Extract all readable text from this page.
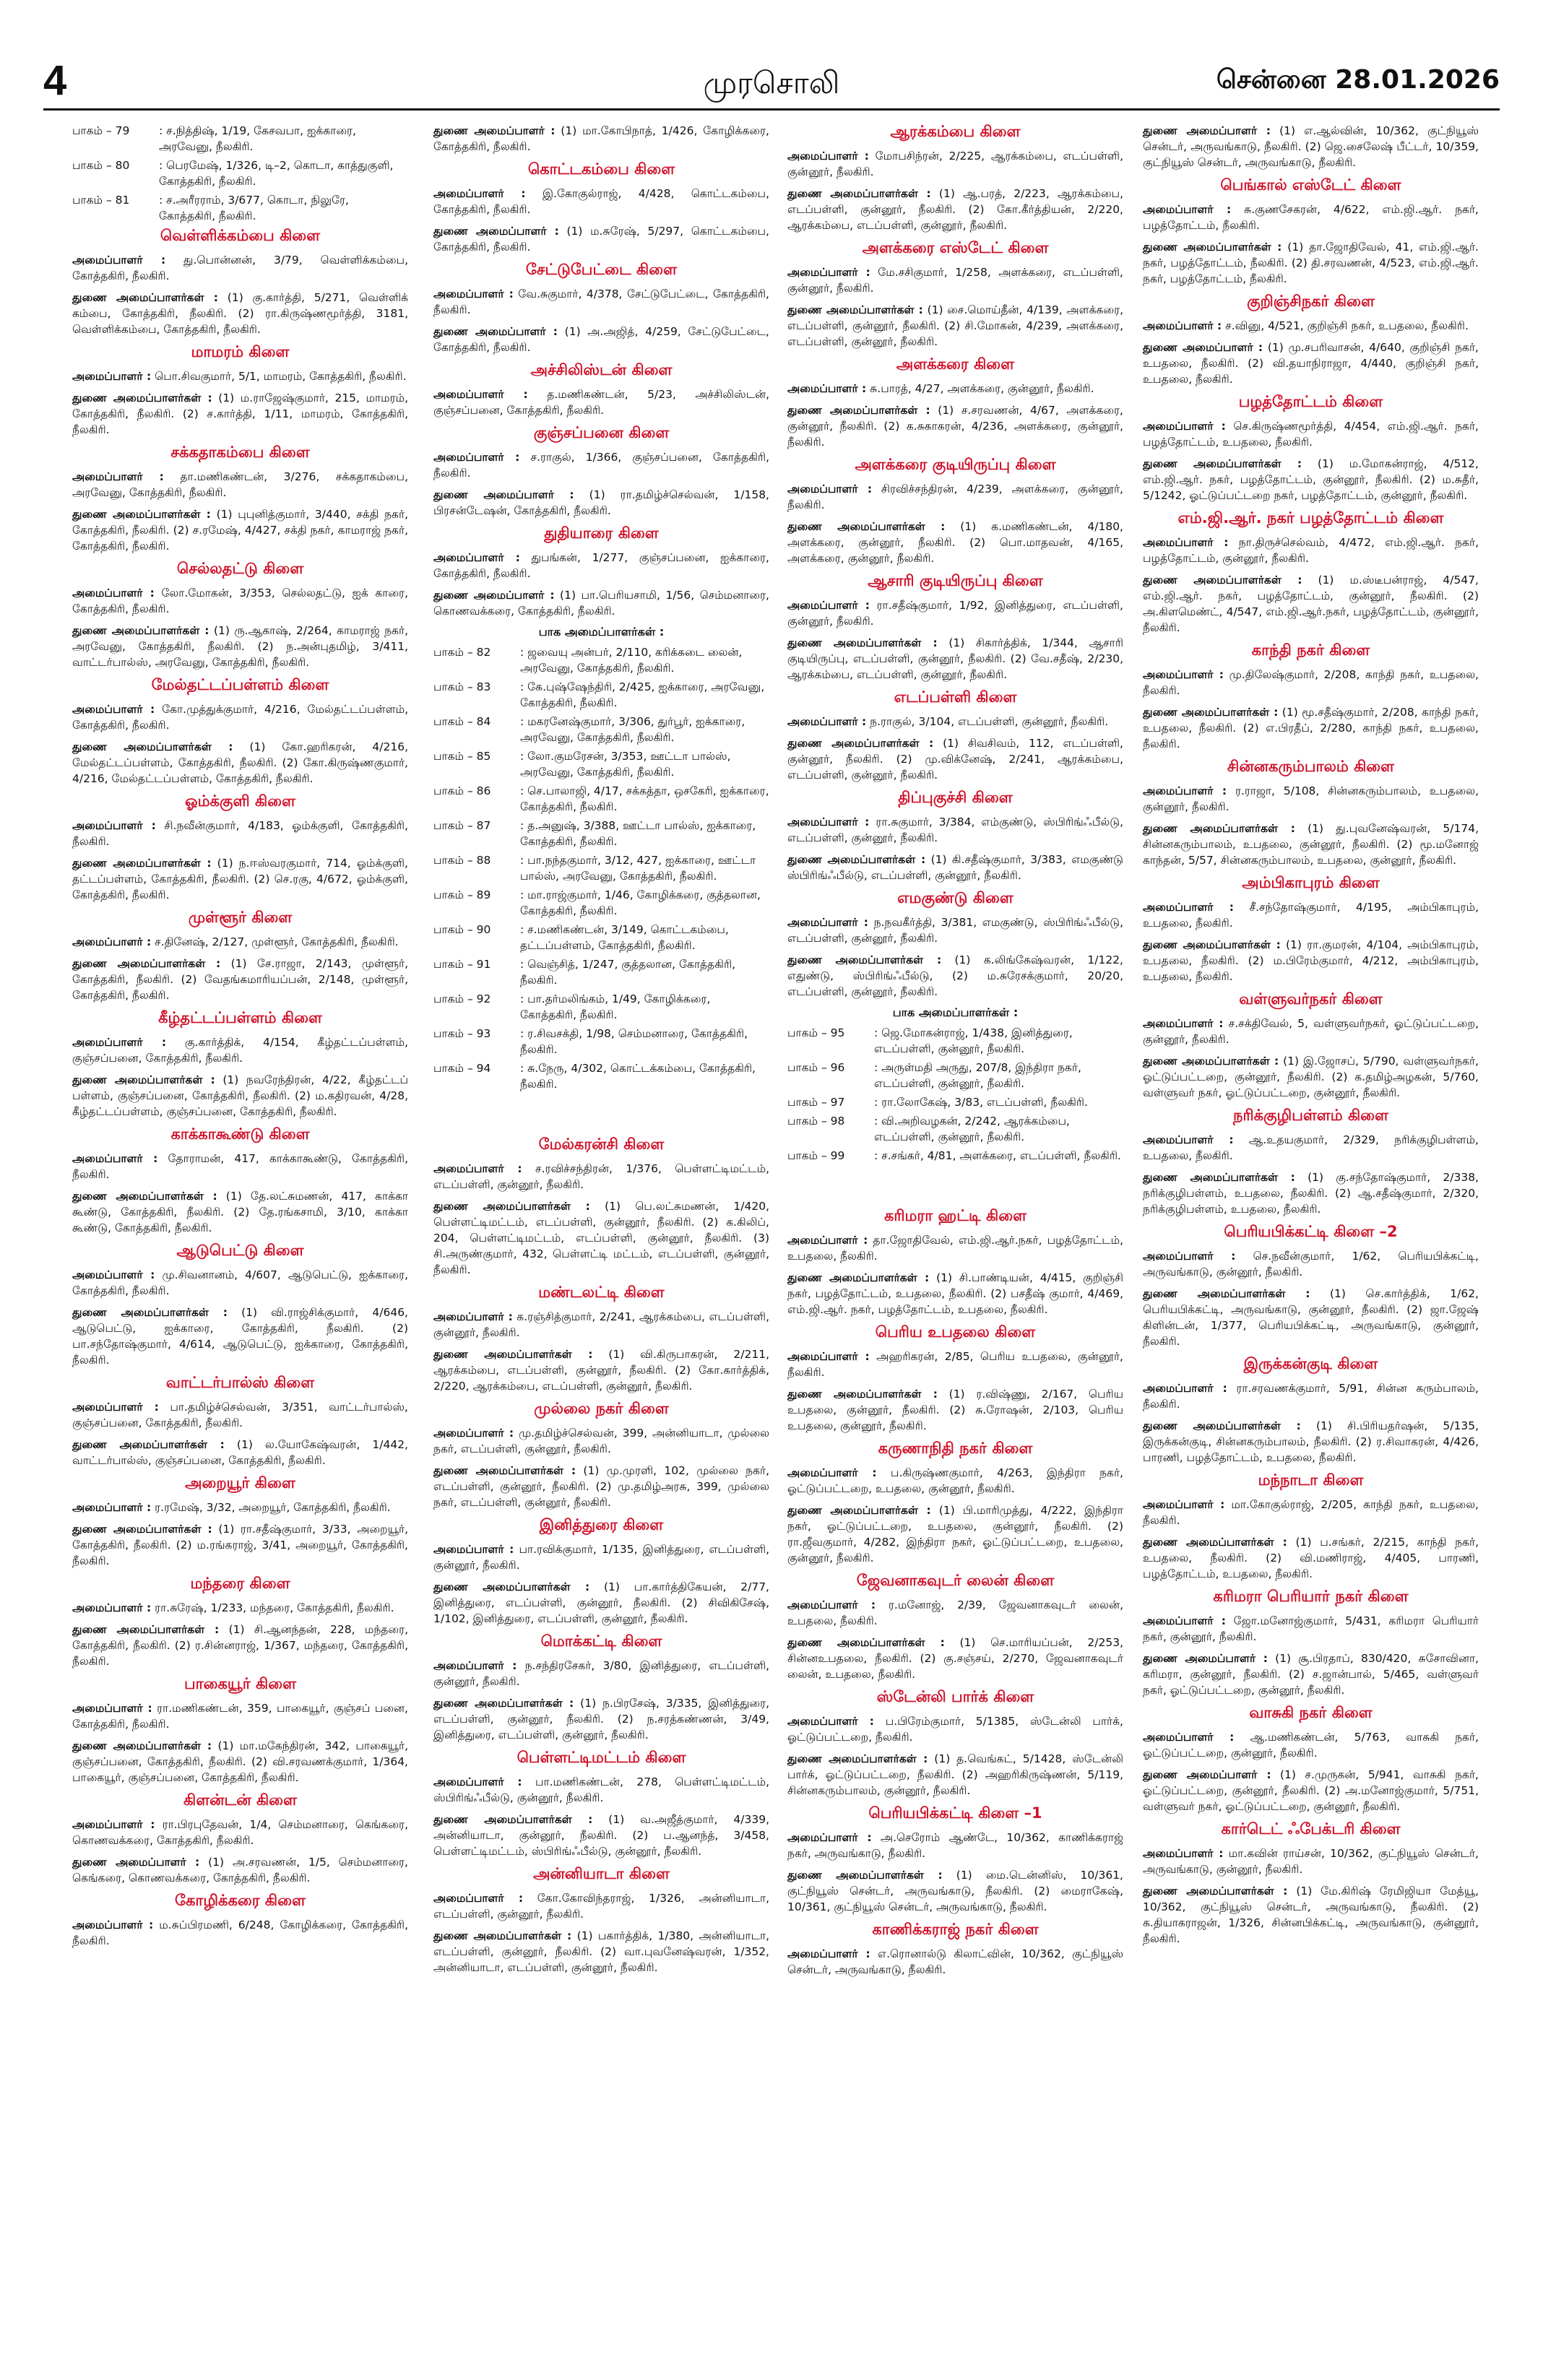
4	முரசொலி	சென்னை 28.01.2026
பாகம் – 79	: ச.நித்திஷ், 1/19, கேசவபா, ஐக்காரை, அரவேனு, நீலகிரி.
பாகம் – 80	: பெரமேஷ், 1/326, டி–2, கொடா, காத்துகுளி, கோத்தகிரி, நீலகிரி.
பாகம் – 81	: ச.அரீரராம், 3/677, கொடா, நிலுரே, கோத்தகிரி, நீலகிரி.
வெள்ளிக்கம்பை கிளை
அமைப்பாளர் : து.பொன்னன், 3/79, வெள்ளிக்கம்பை, கோத்தகிரி, நீலகிரி.
துணை அமைப்பாளர்கள் : (1) கு.கார்த்தி, 5/271, வெள்ளிக் கம்பை, கோத்தகிரி, நீலகிரி. (2) ரா.கிருஷ்ணமூர்த்தி, 3181, வெள்ளிக்கம்பை, கோத்தகிரி, நீலகிரி.
மாமரம் கிளை
அமைப்பாளர் : பொ.சிவகுமார், 5/1, மாமரம், கோத்தகிரி, நீலகிரி.
துணை அமைப்பாளர்கள் : (1) ம.ராஜேஷ்குமார், 215, மாமரம், கோத்தகிரி, நீலகிரி. (2) ச.கார்த்தி, 1/11, மாமரம், கோத்தகிரி, நீலகிரி.
சக்கதாகம்பை கிளை
அமைப்பாளர் : தா.மணிகண்டன், 3/276, சக்கதாகம்பை, அரவேனு, கோத்தகிரி, நீலகிரி.
துணை அமைப்பாளர்கள் : (1) புபுனித்குமார், 3/440, சக்தி நகர், கோத்தகிரி, நீலகிரி. (2) ச.ரமேஷ், 4/427, சக்தி நகர், காமராஜ் நகர், கோத்தகிரி, நீலகிரி.
செல்லதட்டு கிளை
அமைப்பாளர் : லோ.மோகன், 3/353, செல்லதட்டு, ஐக் காரை, கோத்தகிரி, நீலகிரி.
துணை அமைப்பாளர்கள் : (1) ரு.ஆகாஷ், 2/264, காமராஜ் நகர், அரவேனு, கோத்தகிரி, நீலகிரி. (2) ந.அன்புதமிழ், 3/411, வாட்டர்பால்ஸ், அரவேனு, கோத்தகிரி, நீலகிரி.
மேல்தட்டப்பள்ளம் கிளை
அமைப்பாளர் : கோ.முத்துக்குமார், 4/216, மேல்தட்டப்பள்ளம், கோத்தகிரி, நீலகிரி.
துணை அமைப்பாளர்கள் : (1) கோ.ஹரிகரன், 4/216, மேல்தட்டப்பள்ளம், கோத்தகிரி, நீலகிரி. (2) கோ.கிருஷ்ணகுமார், 4/216, மேல்தட்டப்பள்ளம், கோத்தகிரி, நீலகிரி.
ஓம்க்குளி கிளை
அமைப்பாளர் : சி.நவீன்குமார், 4/183, ஓம்க்குளி, கோத்தகிரி, நீலகிரி.
துணை அமைப்பாளர்கள் : (1) ந.ஈஸ்வரகுமார், 714, ஓம்க்குளி, தட்டப்பள்ளம், கோத்தகிரி, நீலகிரி. (2) செ.ரகு, 4/672, ஓம்க்குளி, கோத்தகிரி, நீலகிரி.
முள்ளூர் கிளை
அமைப்பாளர் : ச.தினேஷ், 2/127, முள்ளூர், கோத்தகிரி, நீலகிரி.
துணை அமைப்பாளர்கள் : (1) சே.ராஜா, 2/143, முள்ளூர், கோத்தகிரி, நீலகிரி. (2) வேதங்கமாரியப்பன், 2/148, முள்ளூர், கோத்தகிரி, நீலகிரி.
கீழ்தட்டப்பள்ளம் கிளை
அமைப்பாளர் : கு.கார்த்திக், 4/154, கீழ்தட்டப்பள்ளம், குஞ்சப்பனை, கோத்தகிரி, நீலகிரி.
துணை அமைப்பாளர்கள் : (1) நவரேந்திரன், 4/22, கீழ்தட்டப் பள்ளம், குஞ்சப்பனை, கோத்தகிரி, நீலகிரி. (2) ம.கதிரவன், 4/28, கீழ்தட்டப்பள்ளம், குஞ்சப்பனை, கோத்தகிரி, நீலகிரி.
காக்காகூண்டு கிளை
அமைப்பாளர் : தோராமன், 417, காக்காகூண்டு, கோத்தகிரி, நீலகிரி.
துணை அமைப்பாளர்கள் : (1) தே.லட்சுமணன், 417, காக்கா கூண்டு, கோத்தகிரி, நீலகிரி. (2) தே.ரங்கசாமி, 3/10, காக்கா கூண்டு, கோத்தகிரி, நீலகிரி.
ஆடுபெட்டு கிளை
அமைப்பாளர் : மு.சிவனானம், 4/607, ஆடுபெட்டு, ஐக்காரை, கோத்தகிரி, நீலகிரி.
துணை அமைப்பாளர்கள் : (1) வி.ராஜ்சிக்குமார், 4/646, ஆடுபெட்டு, ஐக்காரை, கோத்தகிரி, நீலகிரி. (2) பா.சந்தோஷ்குமார், 4/614, ஆடுபெட்டு, ஐக்காரை, கோத்தகிரி, நீலகிரி.
வாட்டர்பால்ஸ் கிளை
அமைப்பாளர் : பா.தமிழ்ச்செல்வன், 3/351, வாட்டர்பால்ஸ், குஞ்சப்பனை, கோத்தகிரி, நீலகிரி.
துணை அமைப்பாளர்கள் : (1) ல.யோகேஷ்வரன், 1/442, வாட்டர்பால்ஸ், குஞ்சப்பனை, கோத்தகிரி, நீலகிரி.
அறையூர் கிளை
அமைப்பாளர் : ர.ரமேஷ், 3/32, அறையூர், கோத்தகிரி, நீலகிரி.
துணை அமைப்பாளர்கள் : (1) ரா.சதீஷ்குமார், 3/33, அறையூர், கோத்தகிரி, நீலகிரி. (2) ம.ரங்கராஜ், 3/41, அறையூர், கோத்தகிரி, நீலகிரி.
மந்தரை கிளை
அமைப்பாளர் : ரா.சுரேஷ், 1/233, மந்தரை, கோத்தகிரி, நீலகிரி.
துணை அமைப்பாளர்கள் : (1) சி.ஆனந்தன், 228, மந்தரை, கோத்தகிரி, நீலகிரி. (2) ர.சின்னராஜ், 1/367, மந்தரை, கோத்தகிரி, நீலகிரி.
பாகையூர் கிளை
அமைப்பாளர் : ரா.மணிகண்டன், 359, பாகையூர், குஞ்சப் பனை, கோத்தகிரி, நீலகிரி.
துணை அமைப்பாளர்கள் : (1) மா.மகேந்திரன், 342, பாகையூர், குஞ்சப்பனை, கோத்தகிரி, நீலகிரி. (2) வி.சரவணக்குமார், 1/364, பாகையூர், குஞ்சப்பனை, கோத்தகிரி, நீலகிரி.
கிளன்டன் கிளை
அமைப்பாளர் : ரா.பிரபுதேவன், 1/4, செம்மனாரை, கெங்கரை, கொணவக்கரை, கோத்தகிரி, நீலகிரி.
துணை அமைப்பாளர் : (1) அ.சரவணன், 1/5, செம்மனாரை, கெங்கரை, கொணவக்கரை, கோத்தகிரி, நீலகிரி.
கோழிக்கரை கிளை
அமைப்பாளர் : ம.சுப்பிரமணி, 6/248, கோழிக்கரை, கோத்தகிரி, நீலகிரி.
துணை அமைப்பாளர் : (1) மா.கோபிநாத், 1/426, கோழிக்கரை, கோத்தகிரி, நீலகிரி.
கொட்டகம்பை கிளை
அமைப்பாளர் : இ.கோகுல்ராஜ், 4/428, கொட்டகம்பை, கோத்தகிரி, நீலகிரி.
துணை அமைப்பாளர் : (1) ம.சுரேஷ், 5/297, கொட்டகம்பை, கோத்தகிரி, நீலகிரி.
சேட்டுபேட்டை கிளை
அமைப்பாளர் : வே.சுகுமார், 4/378, சேட்டுபேட்டை, கோத்தகிரி, நீலகிரி.
துணை அமைப்பாளர் : (1) அ.அஜித், 4/259, சேட்டுபேட்டை, கோத்தகிரி, நீலகிரி.
அச்சிலிஸ்டன் கிளை
அமைப்பாளர் : த.மணிகண்டன், 5/23, அச்சிலிஸ்டன், குஞ்சப்பனை, கோத்தகிரி, நீலகிரி.
குஞ்சப்பனை கிளை
அமைப்பாளர் : ச.ராகுல், 1/366, குஞ்சப்பனை, கோத்தகிரி, நீலகிரி.
துணை அமைப்பாளர் : (1) ரா.தமிழ்ச்செல்வன், 1/158, பிரசன்டேஷன், கோத்தகிரி, நீலகிரி.
துதியாரை கிளை
அமைப்பாளர் : துபங்கன், 1/277, குஞ்சப்பனை, ஐக்காரை, கோத்தகிரி, நீலகிரி.
துணை அமைப்பாளர் : (1) பா.பெரியசாமி, 1/56, செம்மனாரை, கொணவக்கரை, கோத்தகிரி, நீலகிரி.
பாக அமைப்பாளர்கள் :
பாகம் – 82	: ஜவையு அன்பர், 2/110, கரிக்கடை லைன், அரவேனு, கோத்தகிரி, நீலகிரி.
பாகம் – 83	: கே.புஷ்ஷேந்திரி, 2/425, ஐக்காரை, அரவேனு, கோத்தகிரி, நீலகிரி.
பாகம் – 84	: மகரனேஷ்குமார், 3/306, துர்பூர், ஐக்காரை, அரவேனு, கோத்தகிரி, நீலகிரி.
பாகம் – 85	: லோ.குமரேசன், 3/353, ஊட்டா பால்ஸ், அரவேனு, கோத்தகிரி, நீலகிரி.
பாகம் – 86	: செ.பாலாஜி, 4/17, சக்கத்தா, ஒசகேரி, ஐக்காரை, கோத்தகிரி, நீலகிரி.
பாகம் – 87	: த.அனுஷ், 3/388, ஊட்டா பால்ஸ், ஐக்காரை, கோத்தகிரி, நீலகிரி.
பாகம் – 88	: பா.நந்தகுமார், 3/12, 427, ஐக்காரை, ஊட்டா பால்ஸ், அரவேனு, கோத்தகிரி, நீலகிரி.
பாகம் – 89	: மா.ராஜ்குமார், 1/46, கோழிக்கரை, குத்தலான, கோத்தகிரி, நீலகிரி.
பாகம் – 90	: ச.மணிகண்டன், 3/149, கொட்டகம்பை, தட்டப்பள்ளம், கோத்தகிரி, நீலகிரி.
பாகம் – 91	: வெஞ்சித், 1/247, குத்தலான, கோத்தகிரி, நீலகிரி.
பாகம் – 92	: பா.தர்மலிங்கம், 1/49, கோழிக்கரை, கோத்தகிரி, நீலகிரி.
பாகம் – 93	: ர.சிவசக்தி, 1/98, செம்மனாரை, கோத்தகிரி, நீலகிரி.
பாகம் – 94	: சு.நேரு, 4/302, கொட்டக்கம்பை, கோத்தகிரி, நீலகிரி.
மேல்கரன்சி கிளை
அமைப்பாளர் : ச.ரவிச்சந்திரன், 1/376, பெள்ளட்டிமட்டம், எடப்பள்ளி, குன்னூர், நீலகிரி.
துணை அமைப்பாளர்கள் : (1) பெ.லட்சுமணன், 1/420, பெள்ளட்டிமட்டம், எடப்பள்ளி, குன்னூர், நீலகிரி. (2) க.கிலிப், 204, பெள்ளட்டிமட்டம், எடப்பள்ளி, குன்னூர், நீலகிரி. (3) சி.அருண்குமார், 432, பெள்ளட்டி மட்டம், எடப்பள்ளி, குன்னூர், நீலகிரி.
மண்டலட்டி கிளை
அமைப்பாளர் : க.ரஞ்சித்குமார், 2/241, ஆரக்கம்பை, எடப்பள்ளி, குன்னூர், நீலகிரி.
துணை அமைப்பாளர்கள் : (1) வி.கிருபாகரன், 2/211, ஆரக்கம்பை, எடப்பள்ளி, குன்னூர், நீலகிரி. (2) கோ.கார்த்திக், 2/220, ஆரக்கம்பை, எடப்பள்ளி, குன்னூர், நீலகிரி.
முல்லை நகர் கிளை
அமைப்பாளர் : மு.தமிழ்ச்செல்வன், 399, அன்னியாடா, முல்லை நகர், எடப்பள்ளி, குன்னூர், நீலகிரி.
துணை அமைப்பாளர்கள் : (1) மு.முரளி, 102, முல்லை நகர், எடப்பள்ளி, குன்னூர், நீலகிரி. (2) மு.தமிழ்அரசு, 399, முல்லை நகர், எடப்பள்ளி, குன்னூர், நீலகிரி.
இனித்துரை கிளை
அமைப்பாளர் : பா.ரவிக்குமார், 1/135, இனித்துரை, எடப்பள்ளி, குன்னூர், நீலகிரி.
துணை அமைப்பாளர்கள் : (1) பா.கார்த்திகேயன், 2/77, இனித்துரை, எடப்பள்ளி, குன்னூர், நீலகிரி. (2) சிவிகிசேஷ், 1/102, இனித்துரை, எடப்பள்ளி, குன்னூர், நீலகிரி.
மொக்கட்டி கிளை
அமைப்பாளர் : ந.சந்திரசேகர், 3/80, இனித்துரை, எடப்பள்ளி, குன்னூர், நீலகிரி.
துணை அமைப்பாளர்கள் : (1) ந.பிரசேஷ், 3/335, இனித்துரை, எடப்பள்ளி, குன்னூர், நீலகிரி. (2) ந.சரத்கண்ணன், 3/49, இனித்துரை, எடப்பள்ளி, குன்னூர், நீலகிரி.
பெள்ளட்டிமட்டம் கிளை
அமைப்பாளர் : பா.மணிகண்டன், 278, பெள்ளட்டிமட்டம், ஸ்பிரிங்ஃபீல்டு, குன்னூர், நீலகிரி.
துணை அமைப்பாளர்கள் : (1) வ.அஜீத்குமார், 4/339, அன்னியாடா, குன்னூர், நீலகிரி. (2) ப.ஆனந்த், 3/458, பெள்ளட்டிமட்டம், ஸ்பிரிங்ஃபீல்டு, குன்னூர், நீலகிரி.
அன்னியாடா கிளை
அமைப்பாளர் : கோ.கோவிந்தராஜ், 1/326, அன்னியாடா, எடப்பள்ளி, குன்னூர், நீலகிரி.
துணை அமைப்பாளர்கள் : (1) பகார்த்திக், 1/380, அன்னியாடா, எடப்பள்ளி, குன்னூர், நீலகிரி. (2) வா.புவனேஷ்வரன், 1/352, அன்னியாடா, எடப்பள்ளி, குன்னூர், நீலகிரி.
ஆரக்கம்பை கிளை
அமைப்பாளர் : மோபசிந்ரன், 2/225, ஆரக்கம்பை, எடப்பள்ளி, குன்னூர், நீலகிரி.
துணை அமைப்பாளர்கள் : (1) ஆ.பரத், 2/223, ஆரக்கம்பை, எடப்பள்ளி, குன்னூர், நீலகிரி. (2) கோ.கீர்த்தியன், 2/220, ஆரக்கம்பை, எடப்பள்ளி, குன்னூர், நீலகிரி.
அளக்கரை எஸ்டேட் கிளை
அமைப்பாளர் : மே.சசிகுமார், 1/258, அளக்கரை, எடப்பள்ளி, குன்னூர், நீலகிரி.
துணை அமைப்பாளர்கள் : (1) சை.மொய்தீன், 4/139, அளக்கரை, எடப்பள்ளி, குன்னூர், நீலகிரி. (2) சி.மோகன், 4/239, அளக்கரை, எடப்பள்ளி, குன்னூர், நீலகிரி.
அளக்கரை கிளை
அமைப்பாளர் : சு.பாரத், 4/27, அளக்கரை, குன்னூர், நீலகிரி.
துணை அமைப்பாளர்கள் : (1) ச.சரவணன், 4/67, அளக்கரை, குன்னூர், நீலகிரி. (2) க.சுகாகரன், 4/236, அளக்கரை, குன்னூர், நீலகிரி.
அளக்கரை குடியிருப்பு கிளை
அமைப்பாளர் : சிரவிச்சந்திரன், 4/239, அளக்கரை, குன்னூர், நீலகிரி.
துணை அமைப்பாளர்கள் : (1) க.மணிகண்டன், 4/180, அளக்கரை, குன்னூர், நீலகிரி. (2) பொ.மாதவன், 4/165, அளக்கரை, குன்னூர், நீலகிரி.
ஆசாரி குடியிருப்பு கிளை
அமைப்பாளர் : ரா.சதீஷ்குமார், 1/92, இனித்துரை, எடப்பள்ளி, குன்னூர், நீலகிரி.
துணை அமைப்பாளர்கள் : (1) சிகார்த்திக், 1/344, ஆசாரி குடியிருப்பு, எடப்பள்ளி, குன்னூர், நீலகிரி. (2) வே.சதீஷ், 2/230, ஆரக்கம்பை, எடப்பள்ளி, குன்னூர், நீலகிரி.
எடப்பள்ளி கிளை
அமைப்பாளர் : ந.ராகுல், 3/104, எடப்பள்ளி, குன்னூர், நீலகிரி.
துணை அமைப்பாளர்கள் : (1) சிவசிவம், 112, எடப்பள்ளி, குன்னூர், நீலகிரி. (2) மு.விக்னேஷ், 2/241, ஆரக்கம்பை, எடப்பள்ளி, குன்னூர், நீலகிரி.
திப்புகுச்சி கிளை
அமைப்பாளர் : ரா.சுகுமார், 3/384, எம்குண்டு, ஸ்பிரிங்ஃபீல்டு, எடப்பள்ளி, குன்னூர், நீலகிரி.
துணை அமைப்பாளர்கள் : (1) கி.சதீஷ்குமார், 3/383, எமகுண்டு ஸ்பிரிங்ஃபீல்டு, எடப்பள்ளி, குன்னூர், நீலகிரி.
எமகுண்டு கிளை
அமைப்பாளர் : ந.நவகீர்த்தி, 3/381, எமகுண்டு, ஸ்பிரிங்ஃபீல்டு, எடப்பள்ளி, குன்னூர், நீலகிரி.
துணை அமைப்பாளர்கள் : (1) க.லிங்கேஷ்வரன், 1/122, எதுண்டு, ஸ்பிரிங்ஃபீல்டு, (2) ம.சுரேசக்குமார், 20/20, எடப்பள்ளி, குன்னூர், நீலகிரி.
பாக அமைப்பாளர்கள் :
பாகம் – 95	: ஜெ.மோகன்ராஜ், 1/438, இனித்துரை, எடப்பள்ளி, குன்னூர், நீலகிரி.
பாகம் – 96	: அருள்மதி அருது, 207/8, இந்திரா நகர், எடப்பள்ளி, குன்னூர், நீலகிரி.
பாகம் – 97	: ரா.லோகேஷ், 3/83, எடப்பள்ளி, நீலகிரி.
பாகம் – 98	: வி.அறிவழகன், 2/242, ஆரக்கம்பை, எடப்பள்ளி, குன்னூர், நீலகிரி.
பாகம் – 99	: ச.சங்கர், 4/81, அளக்கரை, எடப்பள்ளி, நீலகிரி.
கரிமரா ஹட்டி கிளை
அமைப்பாளர் : தா.ஜோதிவேல், எம்.ஜி.ஆர்.நகர், பழத்தோட்டம், உபதலை, நீலகிரி.
துணை அமைப்பாளர்கள் : (1) சி.பாண்டியன், 4/415, குறிஞ்சி நகர், பழத்தோட்டம், உபதலை, நீலகிரி. (2) பசதீஷ் குமார், 4/469, எம்.ஜி.ஆர். நகர், பழத்தோட்டம், உபதலை, நீலகிரி.
பெரிய உபதலை கிளை
அமைப்பாளர் : அஹரிகரன், 2/85, பெரிய உபதலை, குன்னூர், நீலகிரி.
துணை அமைப்பாளர்கள் : (1) ர.விஷ்ணு, 2/167, பெரிய உபதலை, குன்னூர், நீலகிரி. (2) சு.ரோஷன், 2/103, பெரிய உபதலை, குன்னூர், நீலகிரி.
கருணாநிதி நகர் கிளை
அமைப்பாளர் : ப.கிருஷ்ணகுமார், 4/263, இந்திரா நகர், ஓட்டுப்பட்டறை, உபதலை, குன்னூர், நீலகிரி.
துணை அமைப்பாளர்கள் : (1) பி.மாரிமுத்து, 4/222, இந்திரா நகர், ஓட்டுப்பட்டறை, உபதலை, குன்னூர், நீலகிரி. (2) ரா.ஜீவகுமார், 4/282, இந்திரா நகர், ஓட்டுப்பட்டறை, உபதலை, குன்னூர், நீலகிரி.
ஜேவனாகவுடர் லைன் கிளை
அமைப்பாளர் : ர.மனோஜ், 2/39, ஜேவனாகவுடர் லைன், உபதலை, நீலகிரி.
துணை அமைப்பாளர்கள் : (1) செ.மாரியப்பன், 2/253, சின்னஉபதலை, நீலகிரி. (2) கு.சஞ்சய், 2/270, ஜேவனாகவுடர் லைன், உபதலை, நீலகிரி.
ஸ்டேன்லி பார்க் கிளை
அமைப்பாளர் : ப.பிரேம்குமார், 5/1385, ஸ்டேன்லி பார்க், ஓட்டுப்பட்டறை, நீலகிரி.
துணை அமைப்பாளர்கள் : (1) த.வெங்கட், 5/1428, ஸ்டேன்லி பார்க், ஓட்டுப்பட்டறை, நீலகிரி. (2) அஹரிகிருஷ்ணன், 5/119, சின்னகரும்பாலம், குன்னூர், நீலகிரி.
பெரியபிக்கட்டி கிளை –1
அமைப்பாளர் : அ.செரோம் ஆண்டே, 10/362, காணிக்கராஜ் நகர், அருவங்காடு, நீலகிரி.
துணை அமைப்பாளர்கள் : (1) மை.டென்னிஸ், 10/361, குட்நியூஸ் சென்டர், அருவங்காடு, நீலகிரி. (2) மைராகேஷ், 10/361, குட்நியூஸ் சென்டர், அருவங்காடு, நீலகிரி.
காணிக்கராஜ் நகர் கிளை
அமைப்பாளர் : எ.ரொனால்டு கிலாட்வின், 10/362, குட்நியூஸ் சென்டர், அருவங்காடு, நீலகிரி.
துணை அமைப்பாளர் : (1) எ.ஆல்வின், 10/362, குட்நியூஸ் சென்டர், அருவங்காடு, நீலகிரி. (2) ஜெ.சைலேஷ் பீட்டர், 10/359, குட்நியூஸ் சென்டர், அருவங்காடு, நீலகிரி.
பெங்கால் எஸ்டேட் கிளை
அமைப்பாளர் : சு.குணசேகரன், 4/622, எம்.ஜி.ஆர். நகர், பழத்தோட்டம், நீலகிரி.
துணை அமைப்பாளர்கள் : (1) தா.ஜோதிவேல், 41, எம்.ஜி.ஆர். நகர், பழத்தோட்டம், நீலகிரி. (2) தி.சரவணன், 4/523, எம்.ஜி.ஆர். நகர், பழத்தோட்டம், நீலகிரி.
குறிஞ்சிநகர் கிளை
அமைப்பாளர் : ச.வினு, 4/521, குறிஞ்சி நகர், உபதலை, நீலகிரி.
துணை அமைப்பாளர் : (1) மு.சபரிவாசன், 4/640, குறிஞ்சி நகர், உபதலை, நீலகிரி. (2) வி.தயாநிராஜா, 4/440, குறிஞ்சி நகர், உபதலை, நீலகிரி.
பழத்தோட்டம் கிளை
அமைப்பாளர் : செ.கிருஷ்ணமூர்த்தி, 4/454, எம்.ஜி.ஆர். நகர், பழத்தோட்டம், உபதலை, நீலகிரி.
துணை அமைப்பாளர்கள் : (1) ம.மோகன்ராஜ், 4/512, எம்.ஜி.ஆர். நகர், பழத்தோட்டம், குன்னூர், நீலகிரி. (2) ம.சுதீர், 5/1242, ஓட்டுப்பட்டறை நகர், பழத்தோட்டம், குன்னூர், நீலகிரி.
எம்.ஜி.ஆர். நகர் பழத்தோட்டம் கிளை
அமைப்பாளர் : நா.திருச்செல்வம், 4/472, எம்.ஜி.ஆர். நகர், பழத்தோட்டம், குன்னூர், நீலகிரி.
துணை அமைப்பாளர்கள் : (1) ம.ஸ்டீபன்ராஜ், 4/547, எம்.ஜி.ஆர். நகர், பழத்தோட்டம், குன்னூர், நீலகிரி. (2) அ.கிளமெண்ட், 4/547, எம்.ஜி.ஆர்.நகர், பழத்தோட்டம், குன்னூர், நீலகிரி.
காந்தி நகர் கிளை
அமைப்பாளர் : மு.திலேஷ்குமார், 2/208, காந்தி நகர், உபதலை, நீலகிரி.
துணை அமைப்பாளர்கள் : (1) மூ.சதீஷ்குமார், 2/208, காந்தி நகர், உபதலை, நீலகிரி. (2) எ.பிரதீப், 2/280, காந்தி நகர், உபதலை, நீலகிரி.
சின்னகரும்பாலம் கிளை
அமைப்பாளர் : ர.ராஜா, 5/108, சின்னகரும்பாலம், உபதலை, குன்னூர், நீலகிரி.
துணை அமைப்பாளர்கள் : (1) து.புவனேஷ்வரன், 5/174, சின்னகரும்பாலம், உபதலை, குன்னூர், நீலகிரி. (2) மூ.மனோஜ் காந்தன், 5/57, சின்னகரும்பாலம், உபதலை, குன்னூர், நீலகிரி.
அம்பிகாபுரம் கிளை
அமைப்பாளர் : சீ.சந்தோஷ்குமார், 4/195, அம்பிகாபுரம், உபதலை, நீலகிரி.
துணை அமைப்பாளர்கள் : (1) ரா.குமரன், 4/104, அம்பிகாபுரம், உபதலை, நீலகிரி. (2) ம.பிரேம்குமார், 4/212, அம்பிகாபுரம், உபதலை, நீலகிரி.
வள்ளுவர்நகர் கிளை
அமைப்பாளர் : ச.சக்திவேல், 5, வள்ளுவர்நகர், ஓட்டுப்பட்டறை, குன்னூர், நீலகிரி.
துணை அமைப்பாளர்கள் : (1) இ.ஜோசப், 5/790, வள்ளுவர்நகர், ஓட்டுப்பட்டறை, குன்னூர், நீலகிரி. (2) க.தமிழ்அழகன், 5/760, வள்ளுவர் நகர், ஓட்டுப்பட்டறை, குன்னூர், நீலகிரி.
நரிக்குழிபள்ளம் கிளை
அமைப்பாளர் : ஆ.உதயகுமார், 2/329, நரிக்குழிபள்ளம், உபதலை, நீலகிரி.
துணை அமைப்பாளர்கள் : (1) கு.சந்தோஷ்குமார், 2/338, நரிக்குழிபள்ளம், உபதலை, நீலகிரி. (2) ஆ.சதீஷ்குமார், 2/320, நரிக்குழிபள்ளம், உபதலை, நீலகிரி.
பெரியபிக்கட்டி கிளை –2
அமைப்பாளர் : செ.நவீன்குமார், 1/62, பெரியபிக்கட்டி, அருவங்காடு, குன்னூர், நீலகிரி.
துணை அமைப்பாளர்கள் : (1) செ.கார்த்திக், 1/62, பெரியபிக்கட்டி, அருவங்காடு, குன்னூர், நீலகிரி. (2) ஜா.ஜேஷ் கிளின்டன், 1/377, பெரியபிக்கட்டி, அருவங்காடு, குன்னூர், நீலகிரி.
இருக்கன்குடி கிளை
அமைப்பாளர் : ரா.சரவணக்குமார், 5/91, சின்ன கரும்பாலம், நீலகிரி.
துணை அமைப்பாளர்கள் : (1) சி.பிரியதர்ஷன், 5/135, இருக்கன்குடி, சின்னகரும்பாலம், நீலகிரி. (2) ர.சிவாகரன், 4/426, பாரணி, பழத்தோட்டம், உபதலை, நீலகிரி.
மந்நாடா கிளை
அமைப்பாளர் : மா.கோகுல்ராஜ், 2/205, காந்தி நகர், உபதலை, நீலகிரி.
துணை அமைப்பாளர்கள் : (1) ப.சங்கர், 2/215, காந்தி நகர், உபதலை, நீலகிரி. (2) வி.மணிராஜ், 4/405, பாரணி, பழத்தோட்டம், உபதலை, நீலகிரி.
கரிமரா பெரியார் நகர் கிளை
அமைப்பாளர் : ஜோ.மனோஜ்குமார், 5/431, கரிமரா பெரியார் நகர், குன்னூர், நீலகிரி.
துணை அமைப்பாளர் : (1) சூ.பிரதாப், 830/420, சுசோவினா, கரிமரா, குன்னூர், நீலகிரி. (2) ச.ஜான்பால், 5/465, வள்ளுவர் நகர், ஓட்டுப்பட்டறை, குன்னூர், நீலகிரி.
வாசுகி நகர் கிளை
அமைப்பாளர் : ஆ.மணிகண்டன், 5/763, வாசுகி நகர், ஓட்டுப்பட்டறை, குன்னூர், நீலகிரி.
துணை அமைப்பாளர் : (1) ச.முருகன், 5/941, வாசுகி நகர், ஓட்டுப்பட்டறை, குன்னூர், நீலகிரி. (2) அ.மனோஜ்குமார், 5/751, வள்ளுவர் நகர், ஓட்டுப்பட்டறை, குன்னூர், நீலகிரி.
கார்டெட் ஃபேக்டரி கிளை
அமைப்பாளர் : மா.கவின் ராய்சன், 10/362, குட்நியூஸ் சென்டர், அருவங்காடு, குன்னூர், நீலகிரி.
துணை அமைப்பாளர்கள் : (1) மே.கிரிஷ் ரேமிஜியா மேத்யூ, 10/362, குட்நியூஸ் சென்டர், அருவங்காடு, நீலகிரி. (2) க.தியாகராஜன், 1/326, சின்னபிக்கட்டி, அருவங்காடு, குன்னூர், நீலகிரி.
